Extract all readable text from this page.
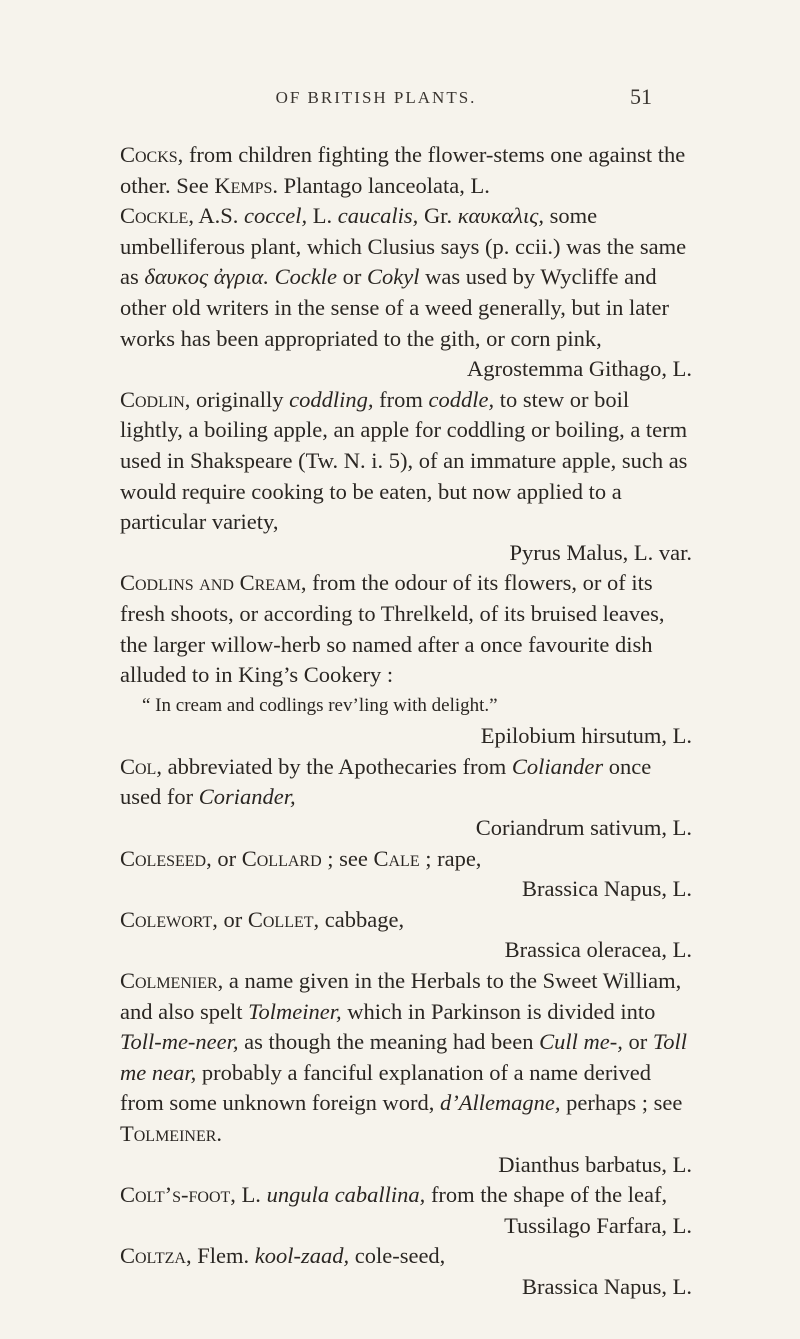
OF BRITISH PLANTS.	51

Cocks, from children fighting the flower-stems one against the other. See Kemps. Plantago lanceolata, L.

Cockle, A.S. coccel, L. caucalis, Gr. καυκαλις, some umbelliferous plant, which Clusius says (p. ccii.) was the same as δαυκος ἀγρια. Cockle or Cokyl was used by Wycliffe and other old writers in the sense of a weed generally, but in later works has been appropriated to the gith, or corn pink,

Agrostemma Githago, L.

Codlin, originally coddling, from coddle, to stew or boil lightly, a boiling apple, an apple for coddling or boiling, a term used in Shakspeare (Tw. N. i. 5), of an immature apple, such as would require cooking to be eaten, but now applied to a particular variety,

Pyrus Malus, L. var.

Codlins and Cream, from the odour of its flowers, or of its fresh shoots, or according to Threlkeld, of its bruised leaves, the larger willow-herb so named after a once favourite dish alluded to in King’s Cookery :

“ In cream and codlings rev’ling with delight.”

Epilobium hirsutum, L.

Col, abbreviated by the Apothecaries from Coliander once used for Coriander,

Coriandrum sativum, L.

Coleseed, or Collard ; see Cale ; rape,

Brassica Napus, L.

Colewort, or Collet, cabbage,

Brassica oleracea, L.

Colmenier, a name given in the Herbals to the Sweet William, and also spelt Tolmeiner, which in Parkinson is divided into Toll-me-neer, as though the meaning had been Cull me-, or Toll me near, probably a fanciful explanation of a name derived from some unknown foreign word, d’Allemagne, perhaps ; see Tolmeiner.

Dianthus barbatus, L.

Colt’s-foot, L. ungula caballina, from the shape of the leaf,

Tussilago Farfara, L.

Coltza, Flem. kool-zaad, cole-seed,

Brassica Napus, L.
